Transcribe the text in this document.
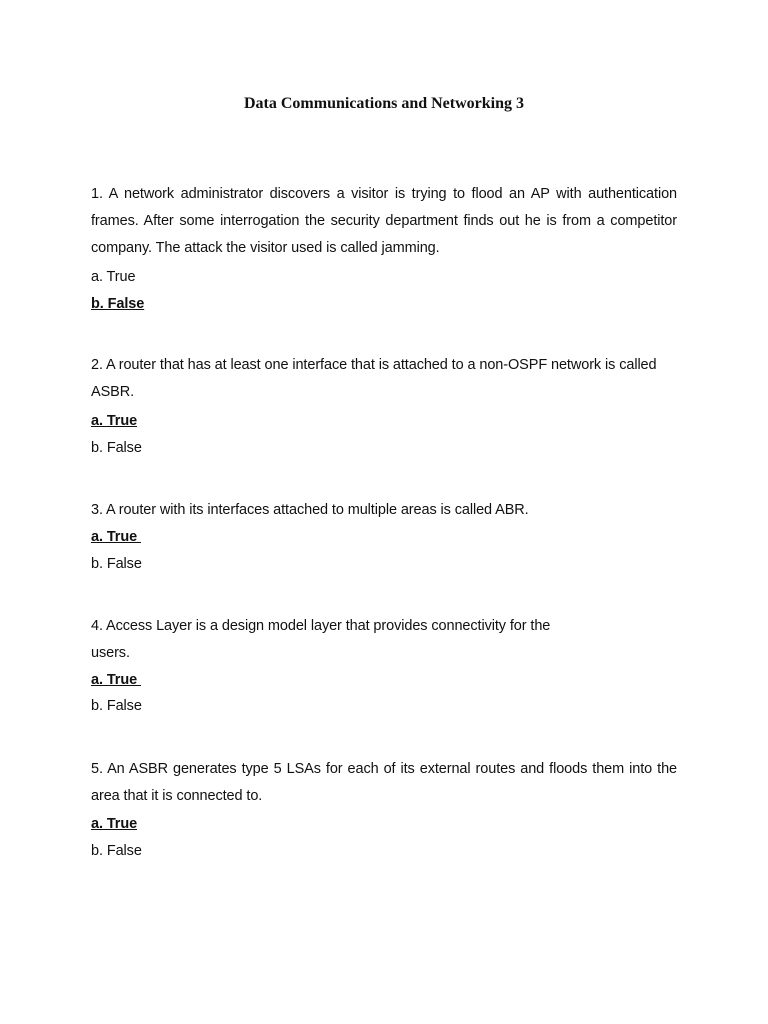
Data Communications and Networking 3
1. A network administrator discovers a visitor is trying to flood an AP with authentication frames. After some interrogation the security department finds out he is from a competitor company. The attack the visitor used is called jamming.
a. True
b. False
2. A router that has at least one interface that is attached to a non-OSPF network is called ASBR.
a. True
b. False
3. A router with its interfaces attached to multiple areas is called ABR.
a. True
b. False
4. Access Layer is a design model layer that provides connectivity for the users.
a. True
b. False
5. An ASBR generates type 5 LSAs for each of its external routes and floods them into the area that it is connected to.
a. True
b. False
